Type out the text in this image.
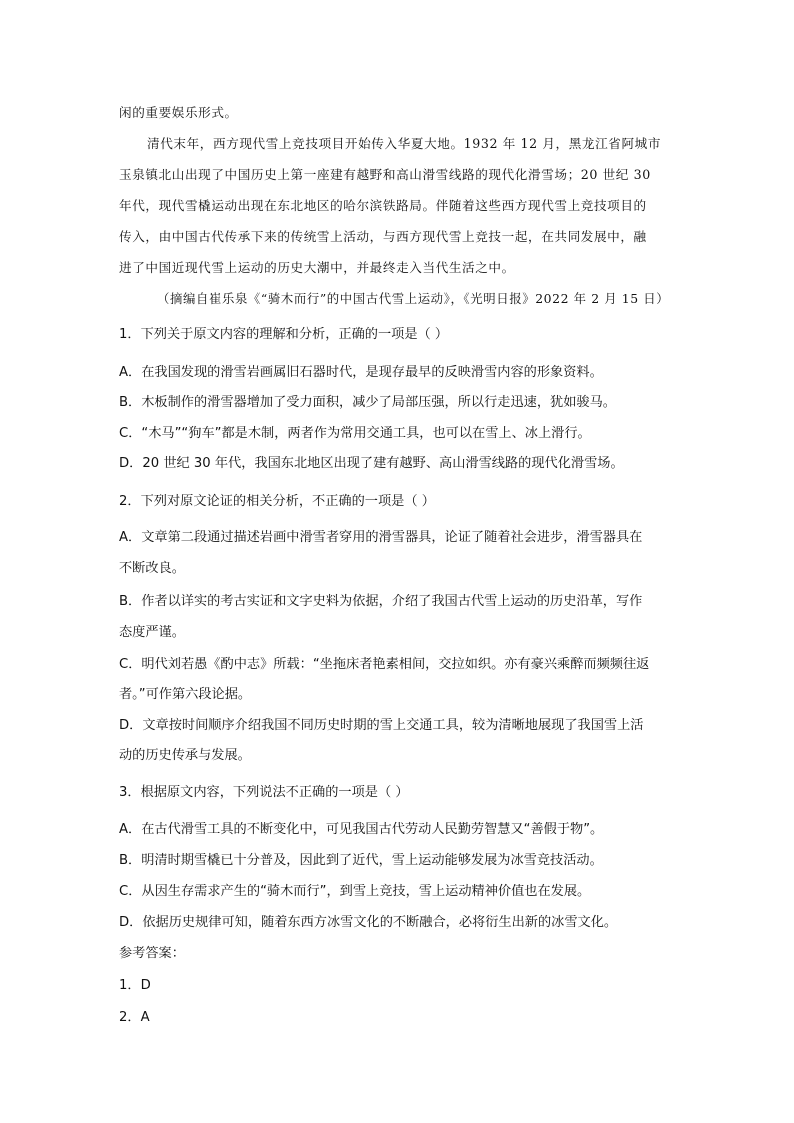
闲的重要娱乐形式。
清代末年，西方现代雪上竞技项目开始传入华夏大地。1932 年 12 月，黑龙江省阿城市
玉泉镇北山出现了中国历史上第一座建有越野和高山滑雪线路的现代化滑雪场；20 世纪 30
年代，现代雪橇运动出现在东北地区的哈尔滨铁路局。伴随着这些西方现代雪上竞技项目的
传入，由中国古代传承下来的传统雪上活动，与西方现代雪上竞技一起，在共同发展中，融
进了中国近现代雪上运动的历史大潮中，并最终走入当代生活之中。
（摘编自崔乐泉《“骑木而行”的中国古代雪上运动》，《光明日报》2022 年 2 月 15 日）
1．下列关于原文内容的理解和分析，正确的一项是（ ）
A．在我国发现的滑雪岩画属旧石器时代，是现存最早的反映滑雪内容的形象资料。
B．木板制作的滑雪器增加了受力面积，减少了局部压强，所以行走迅速，犹如骏马。
C．“木马”“狗车”都是木制，两者作为常用交通工具，也可以在雪上、冰上滑行。
D．20 世纪 30 年代，我国东北地区出现了建有越野、高山滑雪线路的现代化滑雪场。
2．下列对原文论证的相关分析，不正确的一项是（ ）
A．文章第二段通过描述岩画中滑雪者穿用的滑雪器具，论证了随着社会进步，滑雪器具在
不断改良。
B．作者以详实的考古实证和文字史料为依据，介绍了我国古代雪上运动的历史沿革，写作
态度严谨。
C．明代刘若愚《酌中志》所载：“坐拖床者艳素相间，交拉如织。亦有豪兴乘醉而频频往返
者。”可作第六段论据。
D．文章按时间顺序介绍我国不同历史时期的雪上交通工具，较为清晰地展现了我国雪上活
动的历史传承与发展。
3．根据原文内容，下列说法不正确的一项是（ ）
A．在古代滑雪工具的不断变化中，可见我国古代劳动人民勤劳智慧又“善假于物”。
B．明清时期雪橇已十分普及，因此到了近代，雪上运动能够发展为冰雪竞技活动。
C．从因生存需求产生的“骑木而行”，到雪上竞技，雪上运动精神价值也在发展。
D．依据历史规律可知，随着东西方冰雪文化的不断融合，必将衍生出新的冰雪文化。
参考答案：
1．D
2．A
